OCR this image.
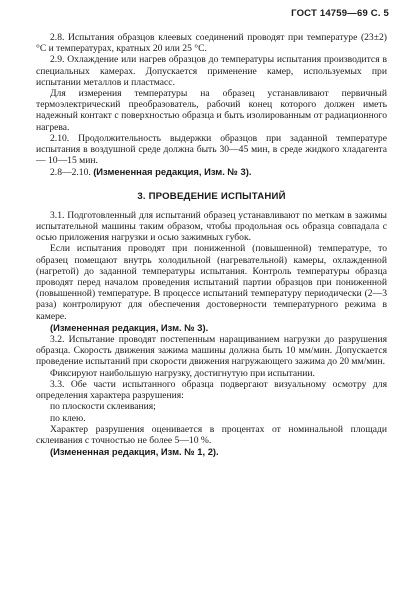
ГОСТ 14759—69 С. 5

2.8. Испытания образцов клеевых соединений проводят при температуре (23±2) °С и температурах, кратных 20 или 25 °С.

2.9. Охлаждение или нагрев образцов до температуры испытания производится в специальных камерах. Допускается применение камер, используемых при испытании металлов и пластмасс.

Для измерения температуры на образец устанавливают первичный термоэлектрический преобразователь, рабочий конец которого должен иметь надежный контакт с поверхностью образца и быть изолированным от радиационного нагрева.

2.10. Продолжительность выдержки образцов при заданной температуре испытания в воздушной среде должна быть 30—45 мин, в среде жидкого хладагента — 10—15 мин.

2.8—2.10. (Измененная редакция, Изм. № 3).

3. ПРОВЕДЕНИЕ ИСПЫТАНИЙ

3.1. Подготовленный для испытаний образец устанавливают по меткам в зажимы испытательной машины таким образом, чтобы продольная ось образца совпадала с осью приложения нагрузки и осью зажимных губок.

Если испытания проводят при пониженной (повышенной) температуре, то образец помещают внутрь холодильной (нагревательной) камеры, охлажденной (нагретой) до заданной температуры испытания. Контроль температуры образца проводят перед началом проведения испытаний партии образцов при пониженной (повышенной) температуре. В процессе испытаний температуру периодически (2—3 раза) контролируют для обеспечения достоверности температурного режима в камере.

(Измененная редакция, Изм. № 3).

3.2. Испытание проводят постепенным наращиванием нагрузки до разрушения образца. Скорость движения зажима машины должна быть 10 мм/мин. Допускается проведение испытаний при скорости движения нагружающего зажима до 20 мм/мин.

Фиксируют наибольшую нагрузку, достигнутую при испытании.

3.3. Обе части испытанного образца подвергают визуальному осмотру для определения характера разрушения:

по плоскости склеивания;

по клею.

Характер разрушения оценивается в процентах от номинальной площади склеивания с точностью не более 5—10 %.

(Измененная редакция, Изм. № 1, 2).
